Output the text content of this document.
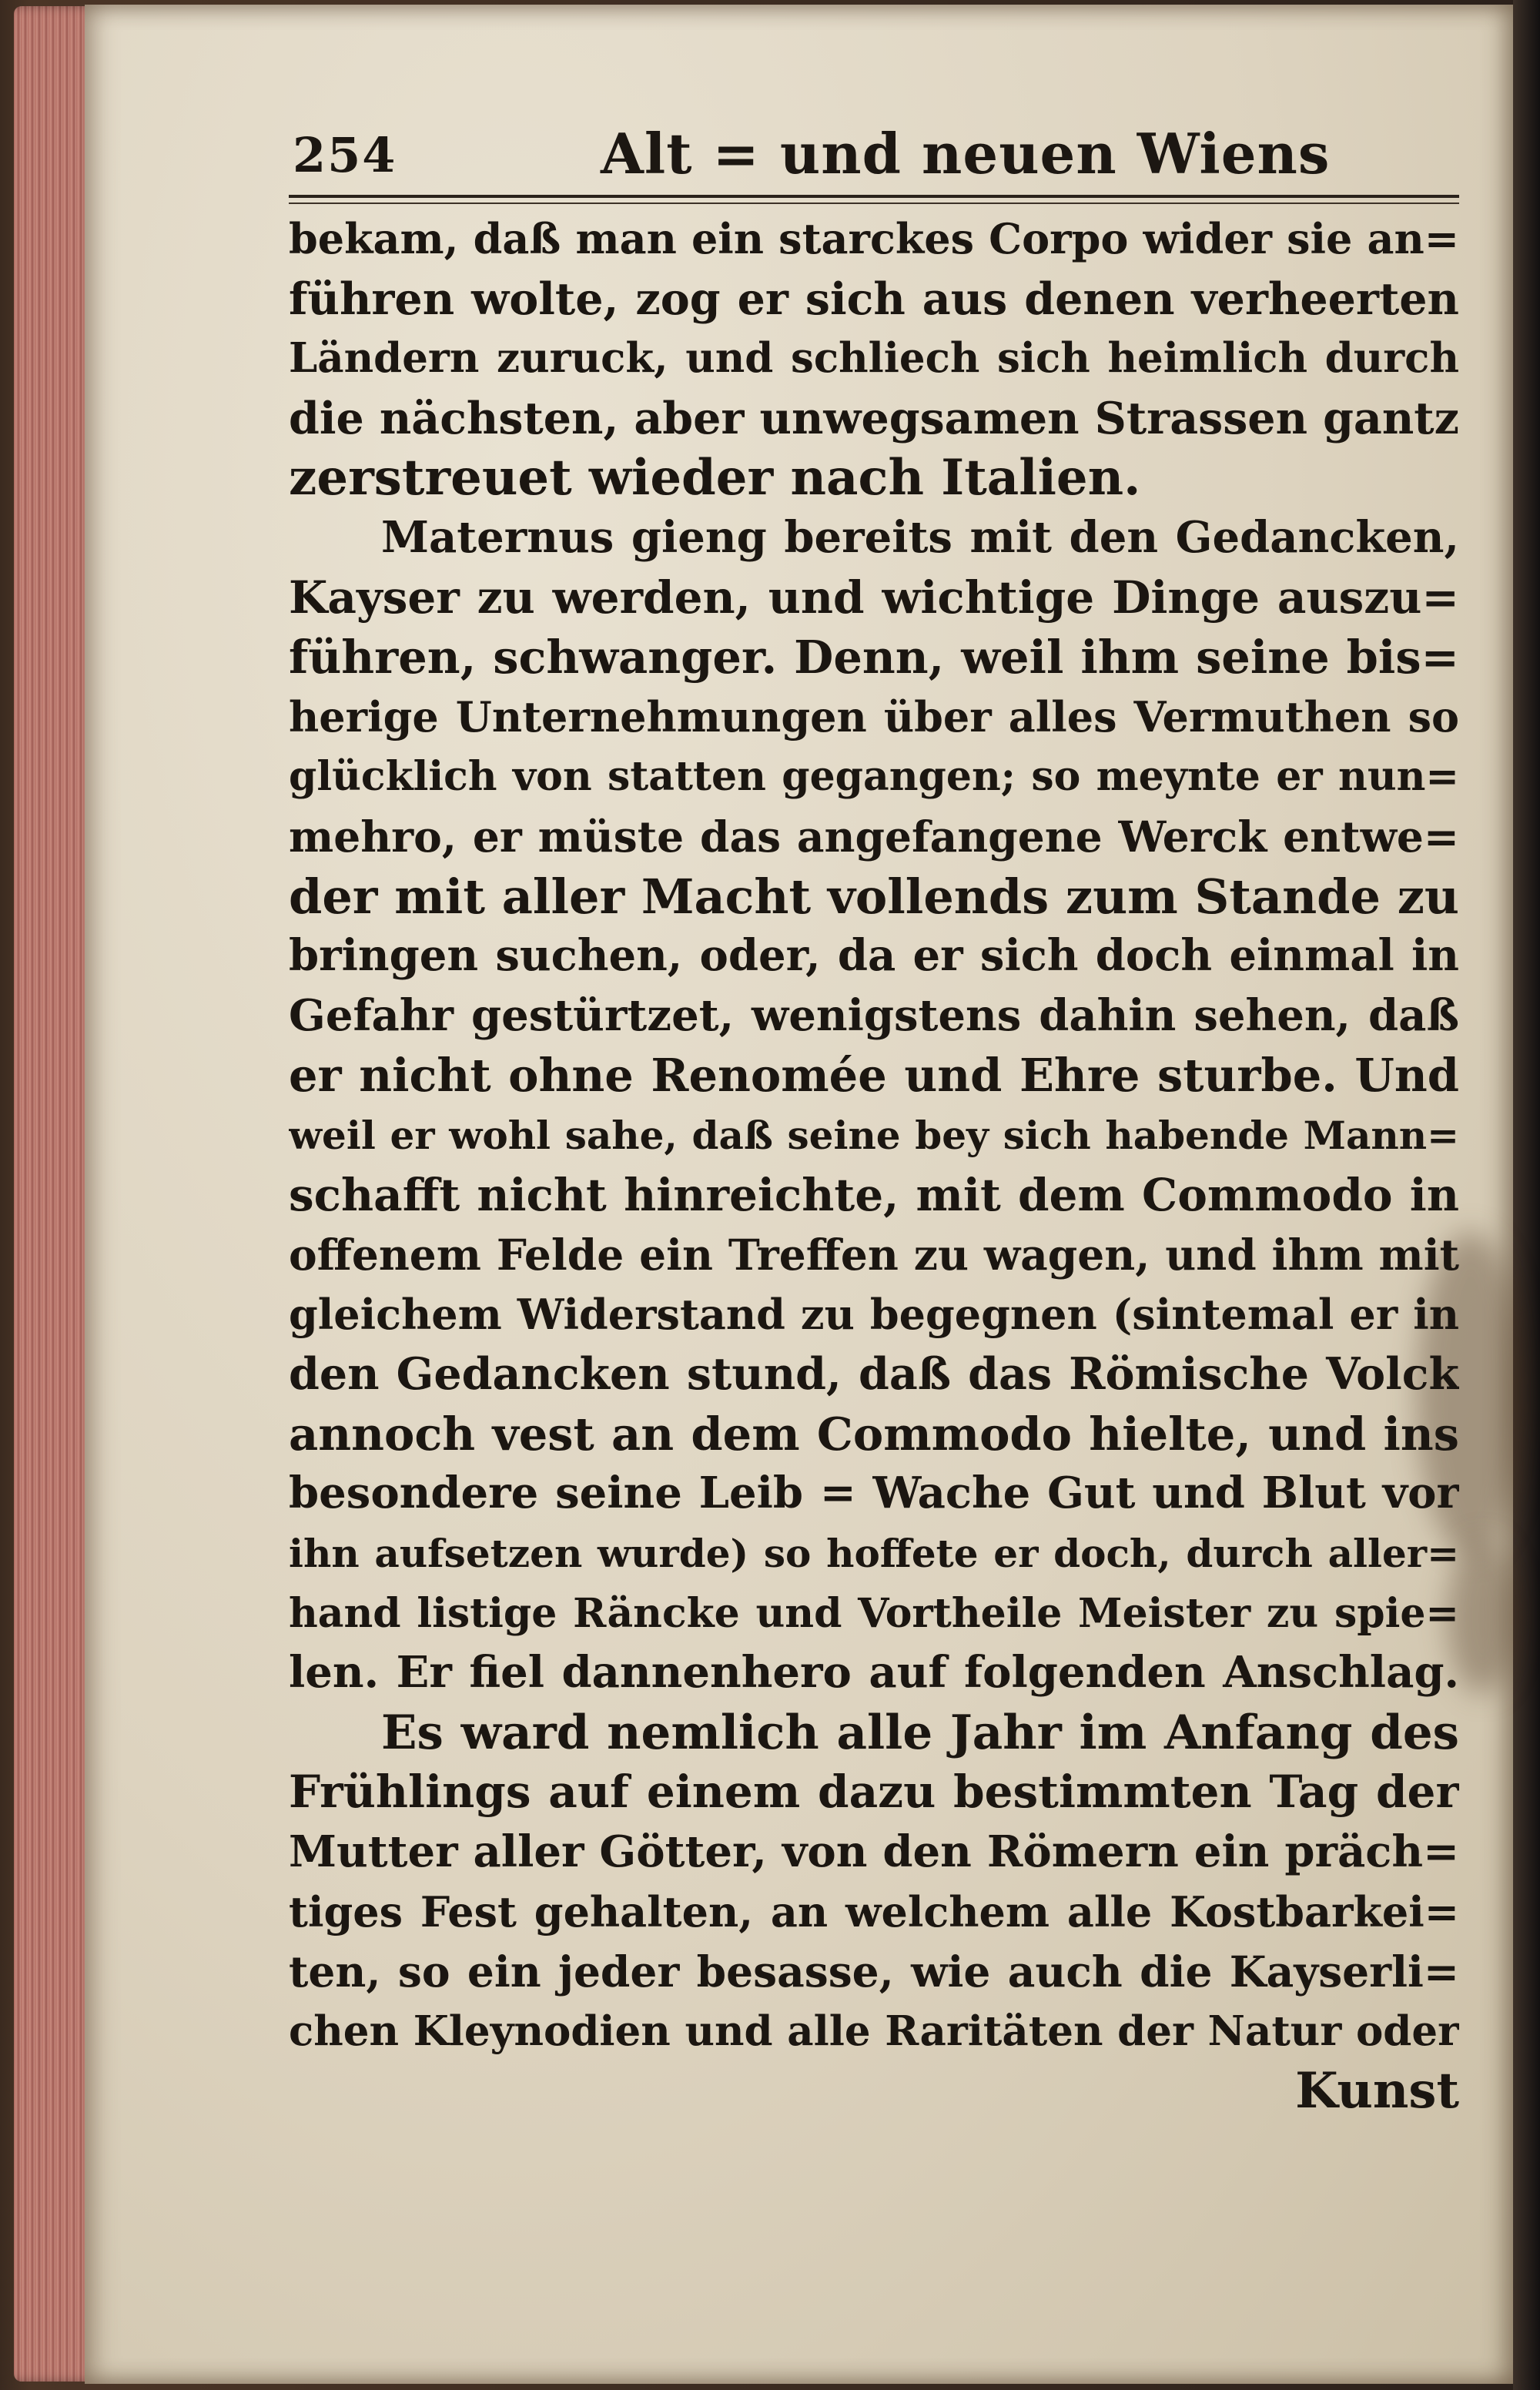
254	Alt = und neuen Wiens
bekam, daß man ein starckes Corpo wider sie an=
führen wolte, zog er sich aus denen verheerten
Ländern zuruck, und schliech sich heimlich durch
die nächsten, aber unwegsamen Strassen gantz
zerstreuet wieder nach Italien.
Maternus gieng bereits mit den Gedancken,
Kayser zu werden, und wichtige Dinge auszu=
führen, schwanger. Denn, weil ihm seine bis=
herige Unternehmungen über alles Vermuthen so
glücklich von statten gegangen; so meynte er nun=
mehro, er müste das angefangene Werck entwe=
der mit aller Macht vollends zum Stande zu
bringen suchen, oder, da er sich doch einmal in
Gefahr gestürtzet, wenigstens dahin sehen, daß
er nicht ohne Renomée und Ehre sturbe. Und
weil er wohl sahe, daß seine bey sich habende Mann=
schafft nicht hinreichte, mit dem Commodo in
offenem Felde ein Treffen zu wagen, und ihm mit
gleichem Widerstand zu begegnen (sintemal er in
den Gedancken stund, daß das Römische Volck
annoch vest an dem Commodo hielte, und ins
besondere seine Leib = Wache Gut und Blut vor
ihn aufsetzen wurde) so hoffete er doch, durch aller=
hand listige Räncke und Vortheile Meister zu spie=
len. Er fiel dannenhero auf folgenden Anschlag.
Es ward nemlich alle Jahr im Anfang des
Frühlings auf einem dazu bestimmten Tag der
Mutter aller Götter, von den Römern ein präch=
tiges Fest gehalten, an welchem alle Kostbarkei=
ten, so ein jeder besasse, wie auch die Kayserli=
chen Kleynodien und alle Raritäten der Natur oder
Kunst
